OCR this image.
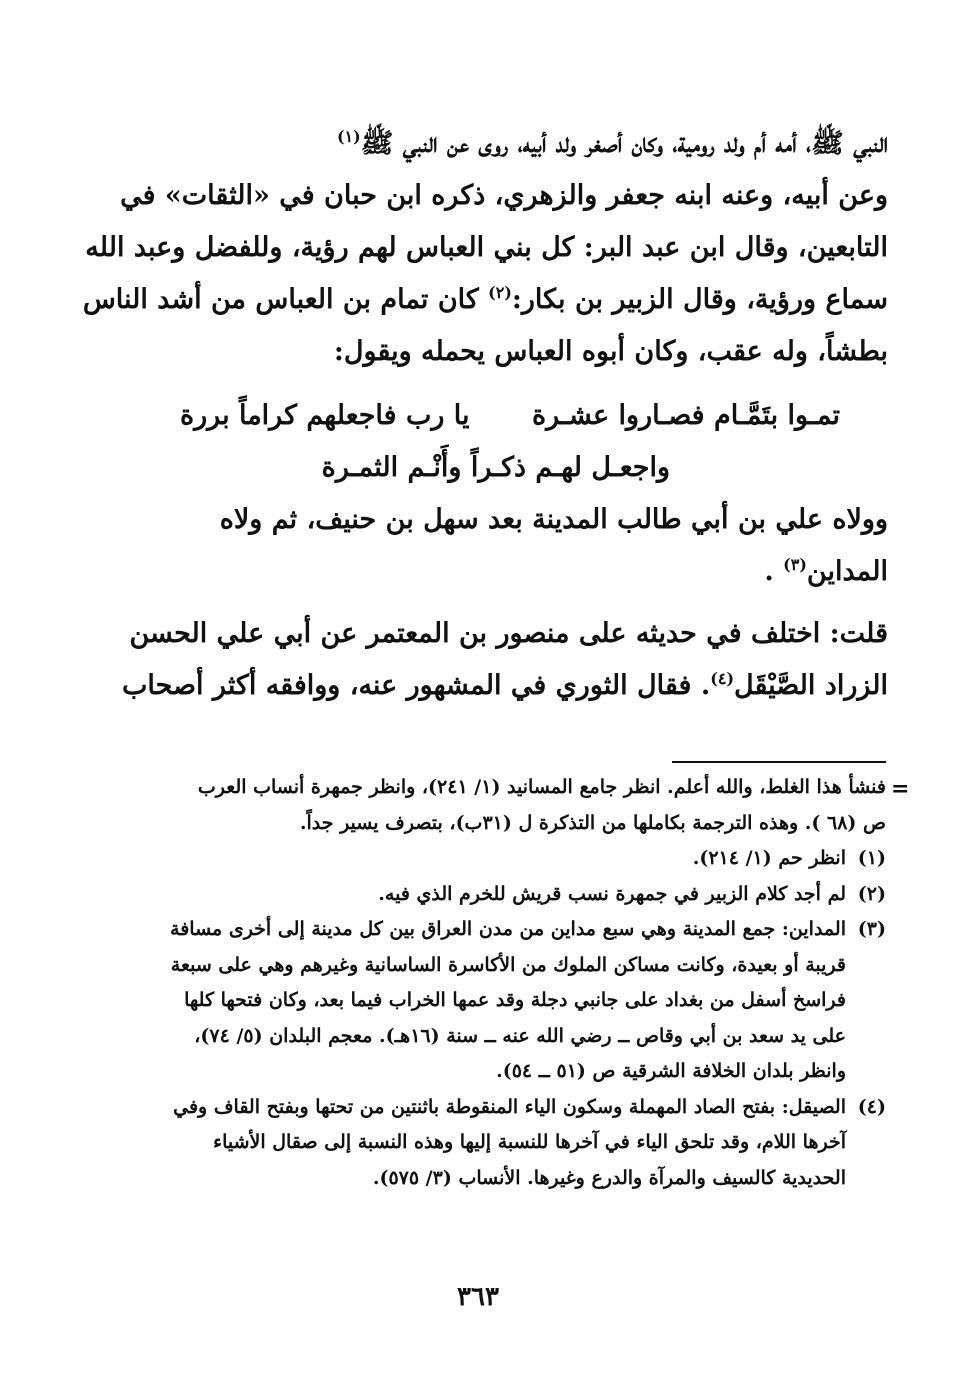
النبي ﷺ، أمه أم ولد رومية، وكان أصغر ولد أبيه، روى عن النبي ﷺ$^{(١)}$
وعن أبيه، وعنه ابنه جعفر والزهري، ذكره ابن حبان في «الثقات» في
التابعين، وقال ابن عبد البر: كل بني العباس لهم رؤية، وللفضل وعبد الله
سماع ورؤية، وقال الزبير بن بكار:$^{(٢)}$ كان تمام بن العباس من أشد الناس
بطشاً، وله عقب، وكان أبوه العباس يحمله ويقول:
تمـوا بتَمَّـام فصـاروا عشـرة
يا رب فاجعلهم كراماً بررة
واجعـل لهـم ذكـراً وأَنْـم الثمـرة
وولاه علي بن أبي طالب المدينة بعد سهل بن حنيف، ثم ولاه
المداين$^{(٣)}$ .
قلت: اختلف في حديثه على منصور بن المعتمر عن أبي علي الحسن
الزراد الصَّيْقَل$^{(٤)}$. فقال الثوري في المشهور عنه، ووافقه أكثر أصحاب
=
فنشأ هذا الغلط، والله أعلم. انظر جامع المسانيد (١/ ٢٤١)، وانظر جمهرة أنساب العرب
ص (٦٨ ). وهذه الترجمة بكاملها من التذكرة ل (٣١ب)، بتصرف يسير جداً.
(١)انظر حم (١/ ٢١٤).
(٢)لم أجد كلام الزبير في جمهرة نسب قريش للخرم الذي فيه.
(٣)المداين: جمع المدينة وهي سبع مداين من مدن العراق بين كل مدينة إلى أخرى مسافة
قريبة أو بعيدة، وكانت مساكن الملوك من الأكاسرة الساسانية وغيرهم وهي على سبعة
فراسخ أسفل من بغداد على جانبي دجلة وقد عمها الخراب فيما بعد، وكان فتحها كلها
على يد سعد بن أبي وقاص ــ رضي الله عنه ــ سنة (١٦هـ). معجم البلدان (٥/ ٧٤)،
وانظر بلدان الخلافة الشرقية ص (٥١ ــ ٥٤).
(٤)الصيقل: بفتح الصاد المهملة وسكون الياء المنقوطة باثنتين من تحتها وبفتح القاف وفي
آخرها اللام، وقد تلحق الياء في آخرها للنسبة إليها وهذه النسبة إلى صقال الأشياء
الحديدية كالسيف والمرآة والدرع وغيرها. الأنساب (٣/ ٥٧٥).
٣٦٣
